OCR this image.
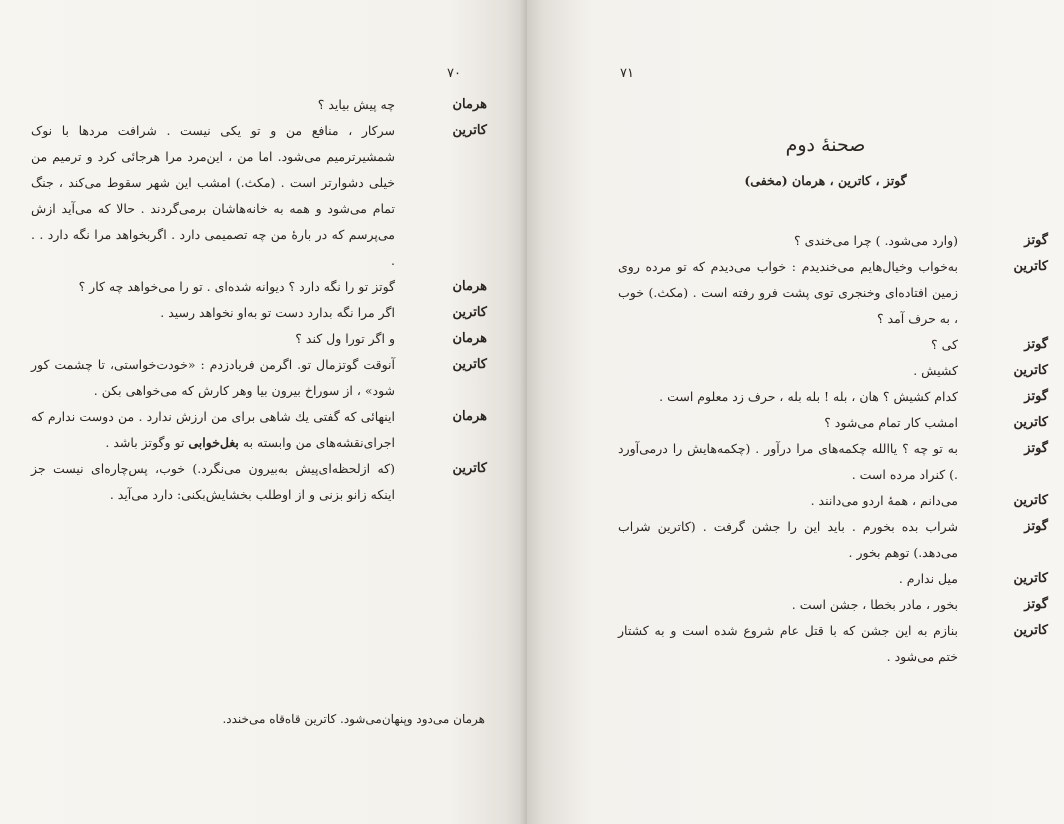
۷۰
هرمان
چه پیش بیاید ؟
کاترین
سرکار ، منافع من و تو یکی نیست . شرافت مردها با نوک شمشیرترمیم می‌شود. اما من ، این‌مرد مرا هرجائی کرد و ترمیم من خیلی دشوارتر است . (مکث.) امشب این شهر سقوط می‌کند ، جنگ تمام می‌شود و همه به خانه‌هاشان برمی‌گردند . حالا که می‌آید ازش می‌پرسم که در بارهٔ من چه تصمیمی دارد . اگربخواهد مرا نگه دارد . . .
هرمان
گوتز تو را نگه دارد ؟ دیوانه شده‌ای . تو را می‌خواهد چه کار ؟
کاترین
اگر مرا نگه بدارد دست تو به‌او نخواهد رسید .
هرمان
و اگر تورا ول کند ؟
کاترین
آنوقت گوتزمال تو. اگرمن فریادزدم : «خودت‌خواستی، تا چشمت کور شود» ، از سوراخ بیرون بیا وهر کارش که می‌خواهی بکن .
هرمان
اینهائی که گفتی یك شاهی برای من ارزش ندارد . من دوست ندارم که اجرای‌نقشه‌های من وابسته به بغل‌خوابی تو وگوتز باشد .
کاترین
(که ازلحظه‌ای‌پیش به‌بیرون می‌نگرد.) خوب، پس‌چاره‌ای نیست جز اینکه زانو بزنی و از اوطلب بخشایش‌بکنی: دارد می‌آید .
هرمان می‌دود وپنهان‌می‌شود. کاترین قاه‌قاه می‌خندد.
۷۱
صحنهٔ دوم
گوتز ، کاترین ، هرمان (مخفی)
گوتز
(وارد می‌شود. ) چرا می‌خندی ؟
کاترین
به‌خواب وخیال‌هایم می‌خندیدم : خواب می‌دیدم که تو مرده روی زمین افتاده‌ای وخنجری توی پشت فرو رفته است . (مکث.) خوب ، به حرف آمد ؟
گوتز
کی ؟
کاترین
کشیش .
گوتز
کدام کشیش ؟ هان ، بله ! بله بله ، حرف زد معلوم است .
کاترین
امشب کار تمام می‌شود ؟
گوتز
به تو چه ؟ یاالله چکمه‌های مرا درآور . (چکمه‌هایش را درمی‌آورد .) کنراد مرده است .
کاترین
می‌دانم ، همهٔ اردو می‌دانند .
گوتز
شراب بده بخورم . باید این را جشن گرفت . (کاترین شراب می‌دهد.) توهم بخور .
کاترین
میل ندارم .
گوتز
بخور ، مادر بخطا ، جشن است .
کاترین
بنازم به این جشن که با قتل عام شروع شده است و به کشتار ختم می‌شود .
